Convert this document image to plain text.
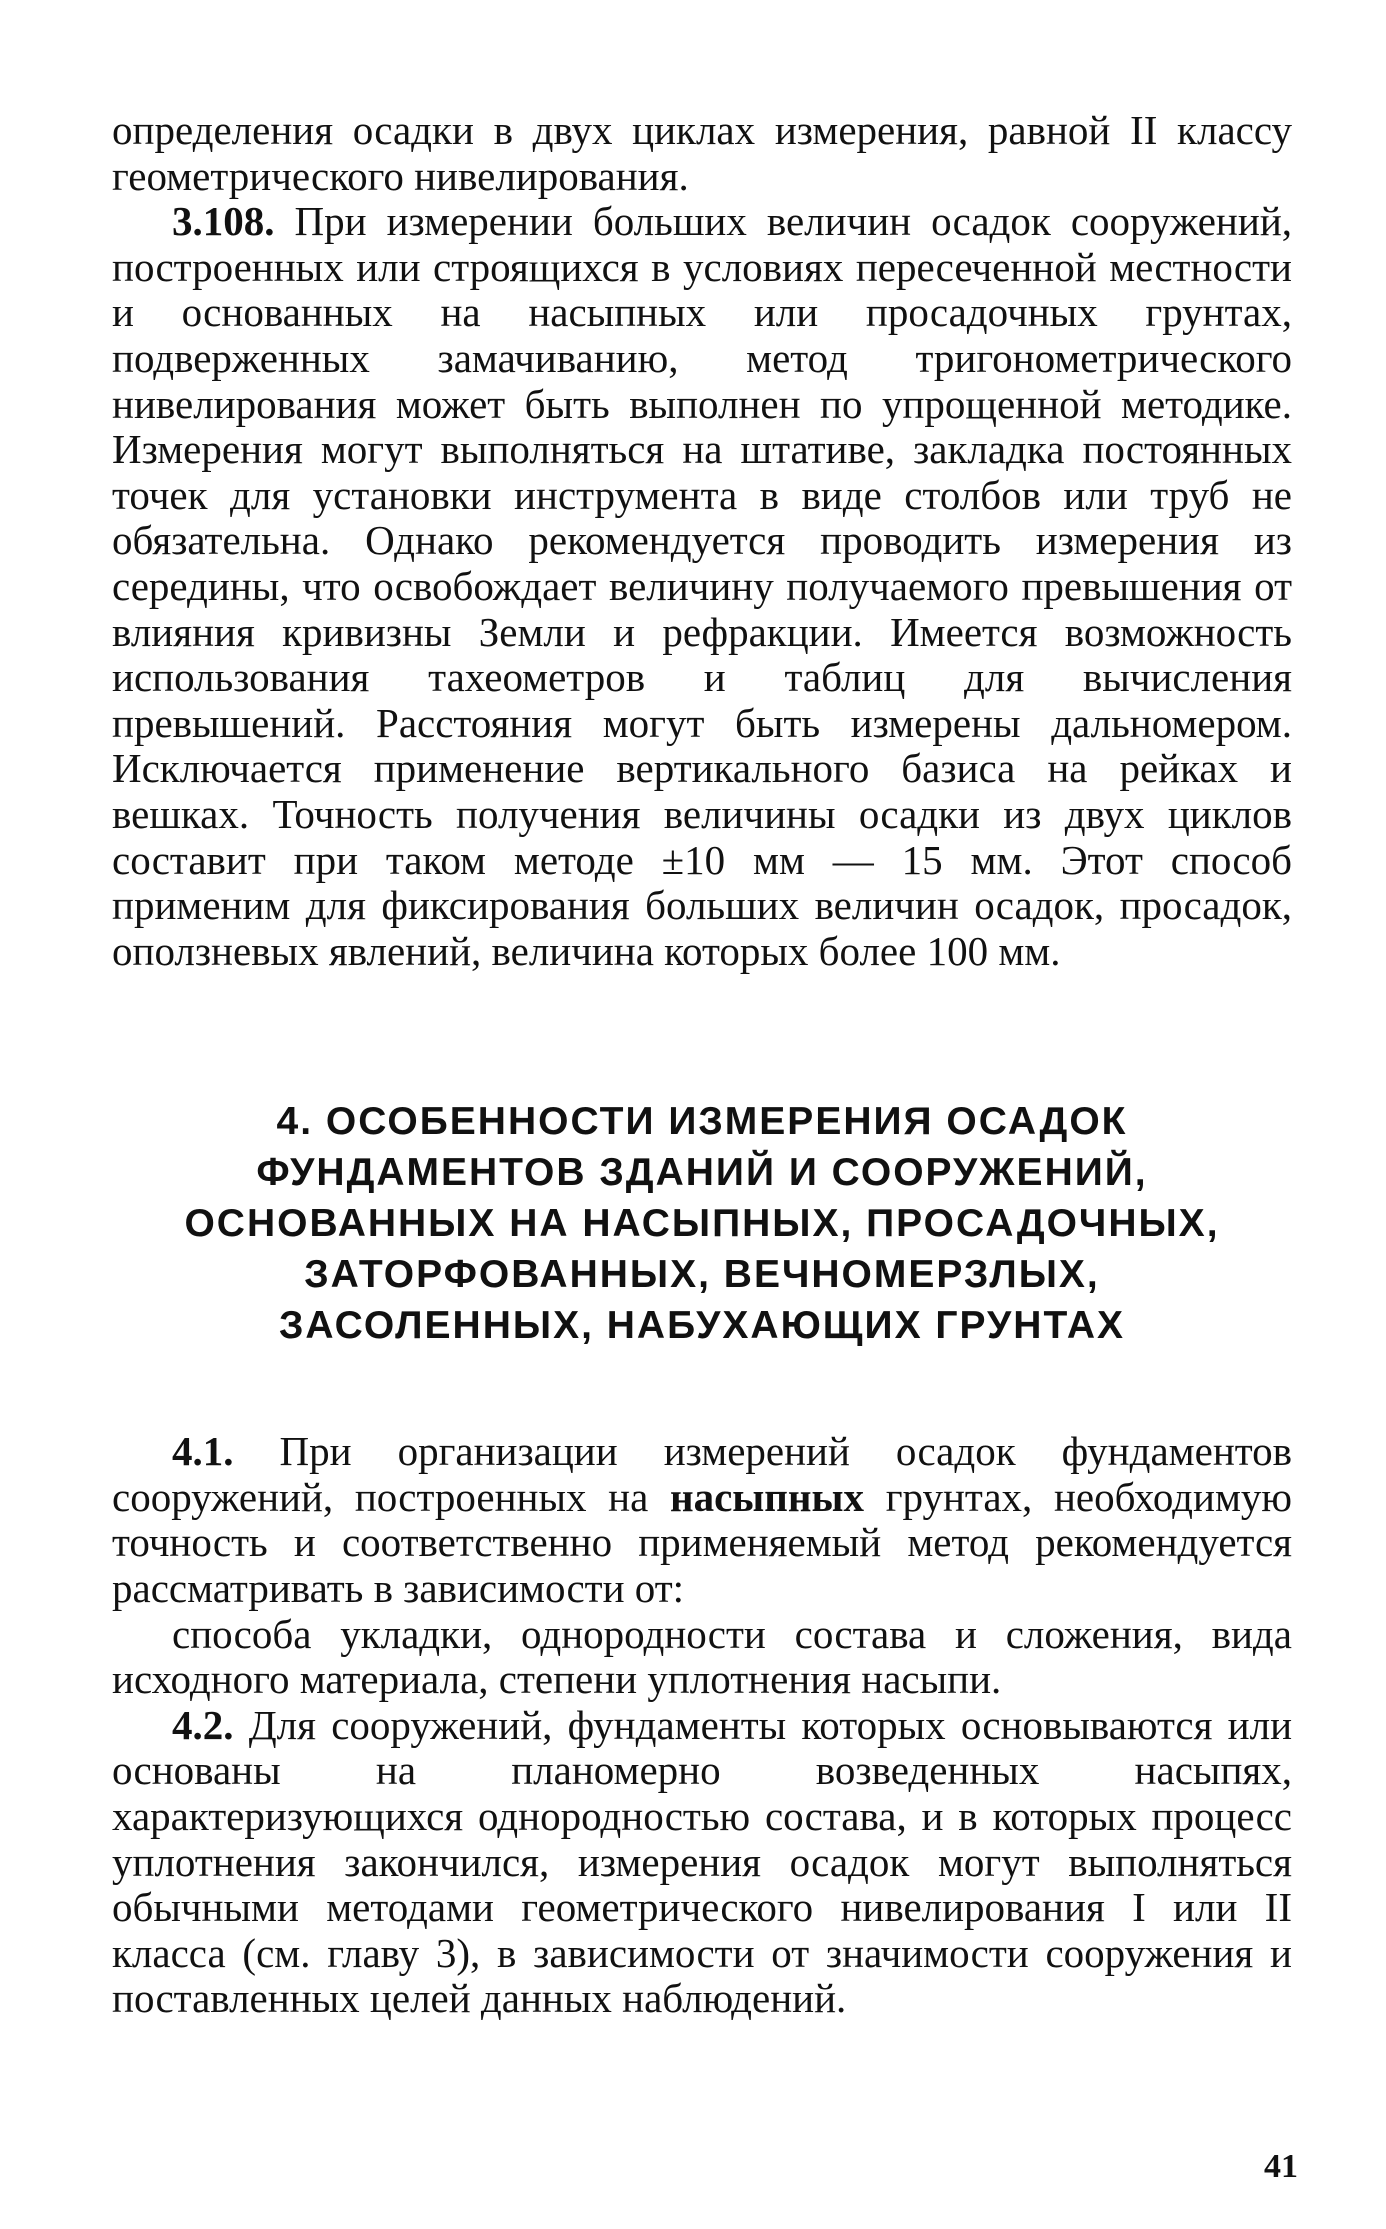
определения осадки в двух циклах измерения, равной II классу геометрического нивелирования.

3.108. При измерении больших величин осадок сооружений, построенных или строящихся в условиях пересеченной местности и основанных на насыпных или просадочных грунтах, подверженных замачиванию, метод тригонометрического нивелирования может быть выполнен по упрощенной методике. Измерения могут выполняться на штативе, закладка постоянных точек для установки инструмента в виде столбов или труб не обязательна. Однако рекомендуется проводить измерения из середины, что освобождает величину получаемого превышения от влияния кривизны Земли и рефракции. Имеется возможность использования тахеометров и таблиц для вычисления превышений. Расстояния могут быть измерены дальномером. Исключается применение вертикального базиса на рейках и вешках. Точность получения величины осадки из двух циклов составит при таком методе ±10 мм — 15 мм. Этот способ применим для фиксирования больших величин осадок, просадок, оползневых явлений, величина которых более 100 мм.

4. ОСОБЕННОСТИ ИЗМЕРЕНИЯ ОСАДОК
ФУНДАМЕНТОВ ЗДАНИЙ И СООРУЖЕНИЙ,
ОСНОВАННЫХ НА НАСЫПНЫХ, ПРОСАДОЧНЫХ,
ЗАТОРФОВАННЫХ, ВЕЧНОМЕРЗЛЫХ,
ЗАСОЛЕННЫХ, НАБУХАЮЩИХ ГРУНТАХ

4.1. При организации измерений осадок фундаментов сооружений, построенных на насыпных грунтах, необходимую точность и соответственно применяемый метод рекомендуется рассматривать в зависимости от:

способа укладки, однородности состава и сложения, вида исходного материала, степени уплотнения насыпи.

4.2. Для сооружений, фундаменты которых основываются или основаны на планомерно возведенных насыпях, характеризующихся однородностью состава, и в которых процесс уплотнения закончился, измерения осадок могут выполняться обычными методами геометрического нивелирования I или II класса (см. главу 3), в зависимости от значимости сооружения и поставленных целей данных наблюдений.

41
